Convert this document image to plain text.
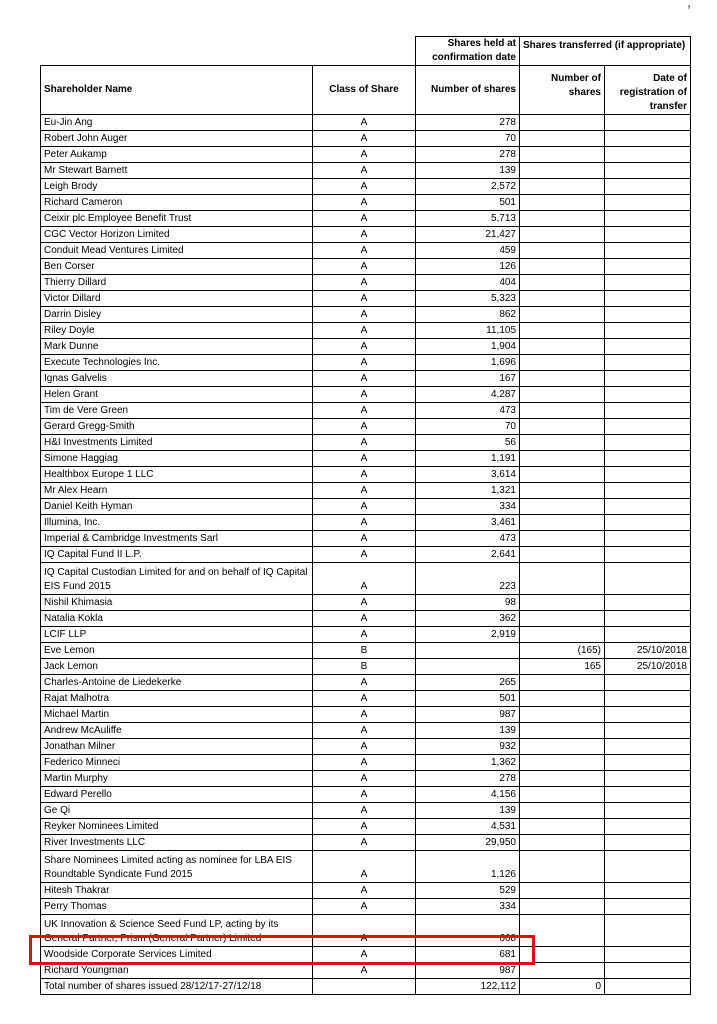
,
		Shares held at confirmation date	Shares transferred (if appropriate)	
Shareholder Name	Class of Share	Number of shares	Number of shares	Date of registration of transfer
Eu-Jin Ang	A	278		
Robert John Auger	A	70		
Peter Aukamp	A	278		
Mr Stewart Barnett	A	139		
Leigh Brody	A	2,572		
Richard Cameron	A	501		
Ceixir plc Employee Benefit Trust	A	5,713		
CGC Vector Horizon Limited	A	21,427		
Conduit Mead Ventures Limited	A	459		
Ben Corser	A	126		
Thierry Dillard	A	404		
Victor Dillard	A	5,323		
Darrin Disley	A	862		
Riley Doyle	A	11,105		
Mark Dunne	A	1,904		
Execute Technologies Inc.	A	1,696		
Ignas Galvelis	A	167		
Helen Grant	A	4,287		
Tim de Vere Green	A	473		
Gerard Gregg-Smith	A	70		
H&I Investments Limited	A	56		
Simone Haggiag	A	1,191		
Healthbox Europe 1 LLC	A	3,614		
Mr Alex Hearn	A	1,321		
Daniel Keith Hyman	A	334		
Illumina, Inc.	A	3,461		
Imperial & Cambridge Investments Sarl	A	473		
IQ Capital Fund II L.P.	A	2,641		
IQ Capital Custodian Limited for and on behalf of IQ Capital EIS Fund 2015	A	223		
Nishil Khimasia	A	98		
Natalia Kokla	A	362		
LCIF LLP	A	2,919		
Eve Lemon	B		(165)	25/10/2018
Jack Lemon	B		165	25/10/2018
Charles-Antoine de Liedekerke	A	265		
Rajat Malhotra	A	501		
Michael Martin	A	987		
Andrew McAuliffe	A	139		
Jonathan Milner	A	932		
Federico Minneci	A	1,362		
Martin Murphy	A	278		
Edward Perello	A	4,156		
Ge Qi	A	139		
Reyker Nominees Limited	A	4,531		
River Investments LLC	A	29,950		
Share Nominees Limited acting as nominee for LBA EIS Roundtable Syndicate Fund 2015	A	1,126		
Hitesh Thakrar	A	529		
Perry Thomas	A	334		
UK Innovation & Science Seed Fund LP, acting by its General Partner, Prism (General Partner) Limited	A	668		
Woodside Corporate Services Limited	A	681		
Richard Youngman	A	987		
Total number of shares issued 28/12/17-27/12/18		122,112	0	
